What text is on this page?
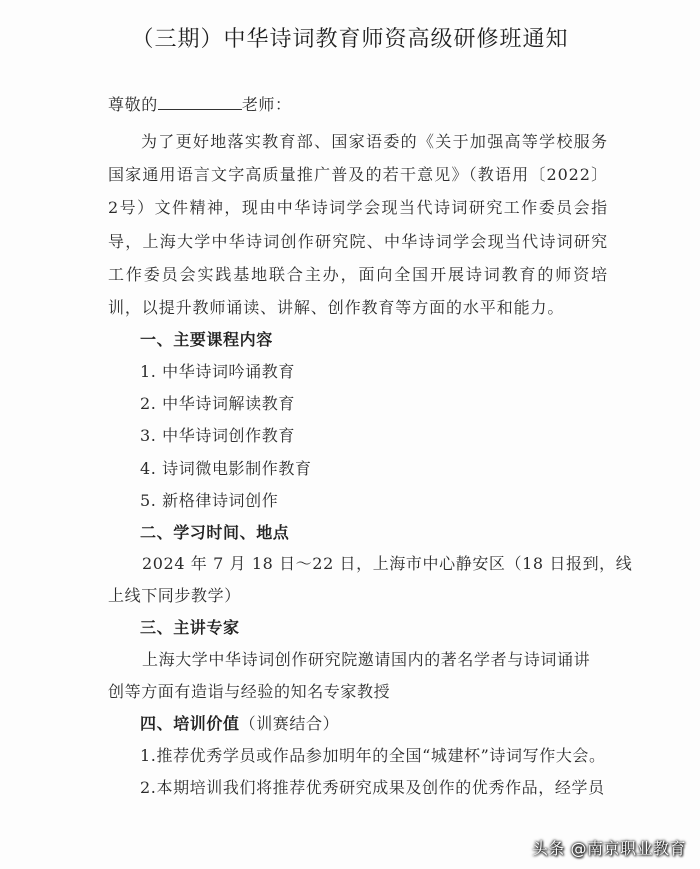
（三期）中华诗词教育师资高级研修班通知
尊敬的	老师：
为了更好地落实教育部、国家语委的《关于加强高等学校服务国家通用语言文字高质量推广普及的若干意见》（教语用〔2022〕2号）文件精神，现由中华诗词学会现当代诗词研究工作委员会指导，上海大学中华诗词创作研究院、中华诗词学会现当代诗词研究工作委员会实践基地联合主办，面向全国开展诗词教育的师资培训，以提升教师诵读、讲解、创作教育等方面的水平和能力。
一、主要课程内容
1. 中华诗词吟诵教育
2. 中华诗词解读教育
3. 中华诗词创作教育
4. 诗词微电影制作教育
5. 新格律诗词创作
二、学习时间、地点
2024 年 7 月 18 日～22 日，上海市中心静安区（18 日报到，线
上线下同步教学）
三、主讲专家
上海大学中华诗词创作研究院邀请国内的著名学者与诗词诵讲
创等方面有造诣与经验的知名专家教授
四、培训价值（训赛结合）
1.推荐优秀学员或作品参加明年的全国“城建杯”诗词写作大会。
2.本期培训我们将推荐优秀研究成果及创作的优秀作品，经学员
头条 @南京职业教育
